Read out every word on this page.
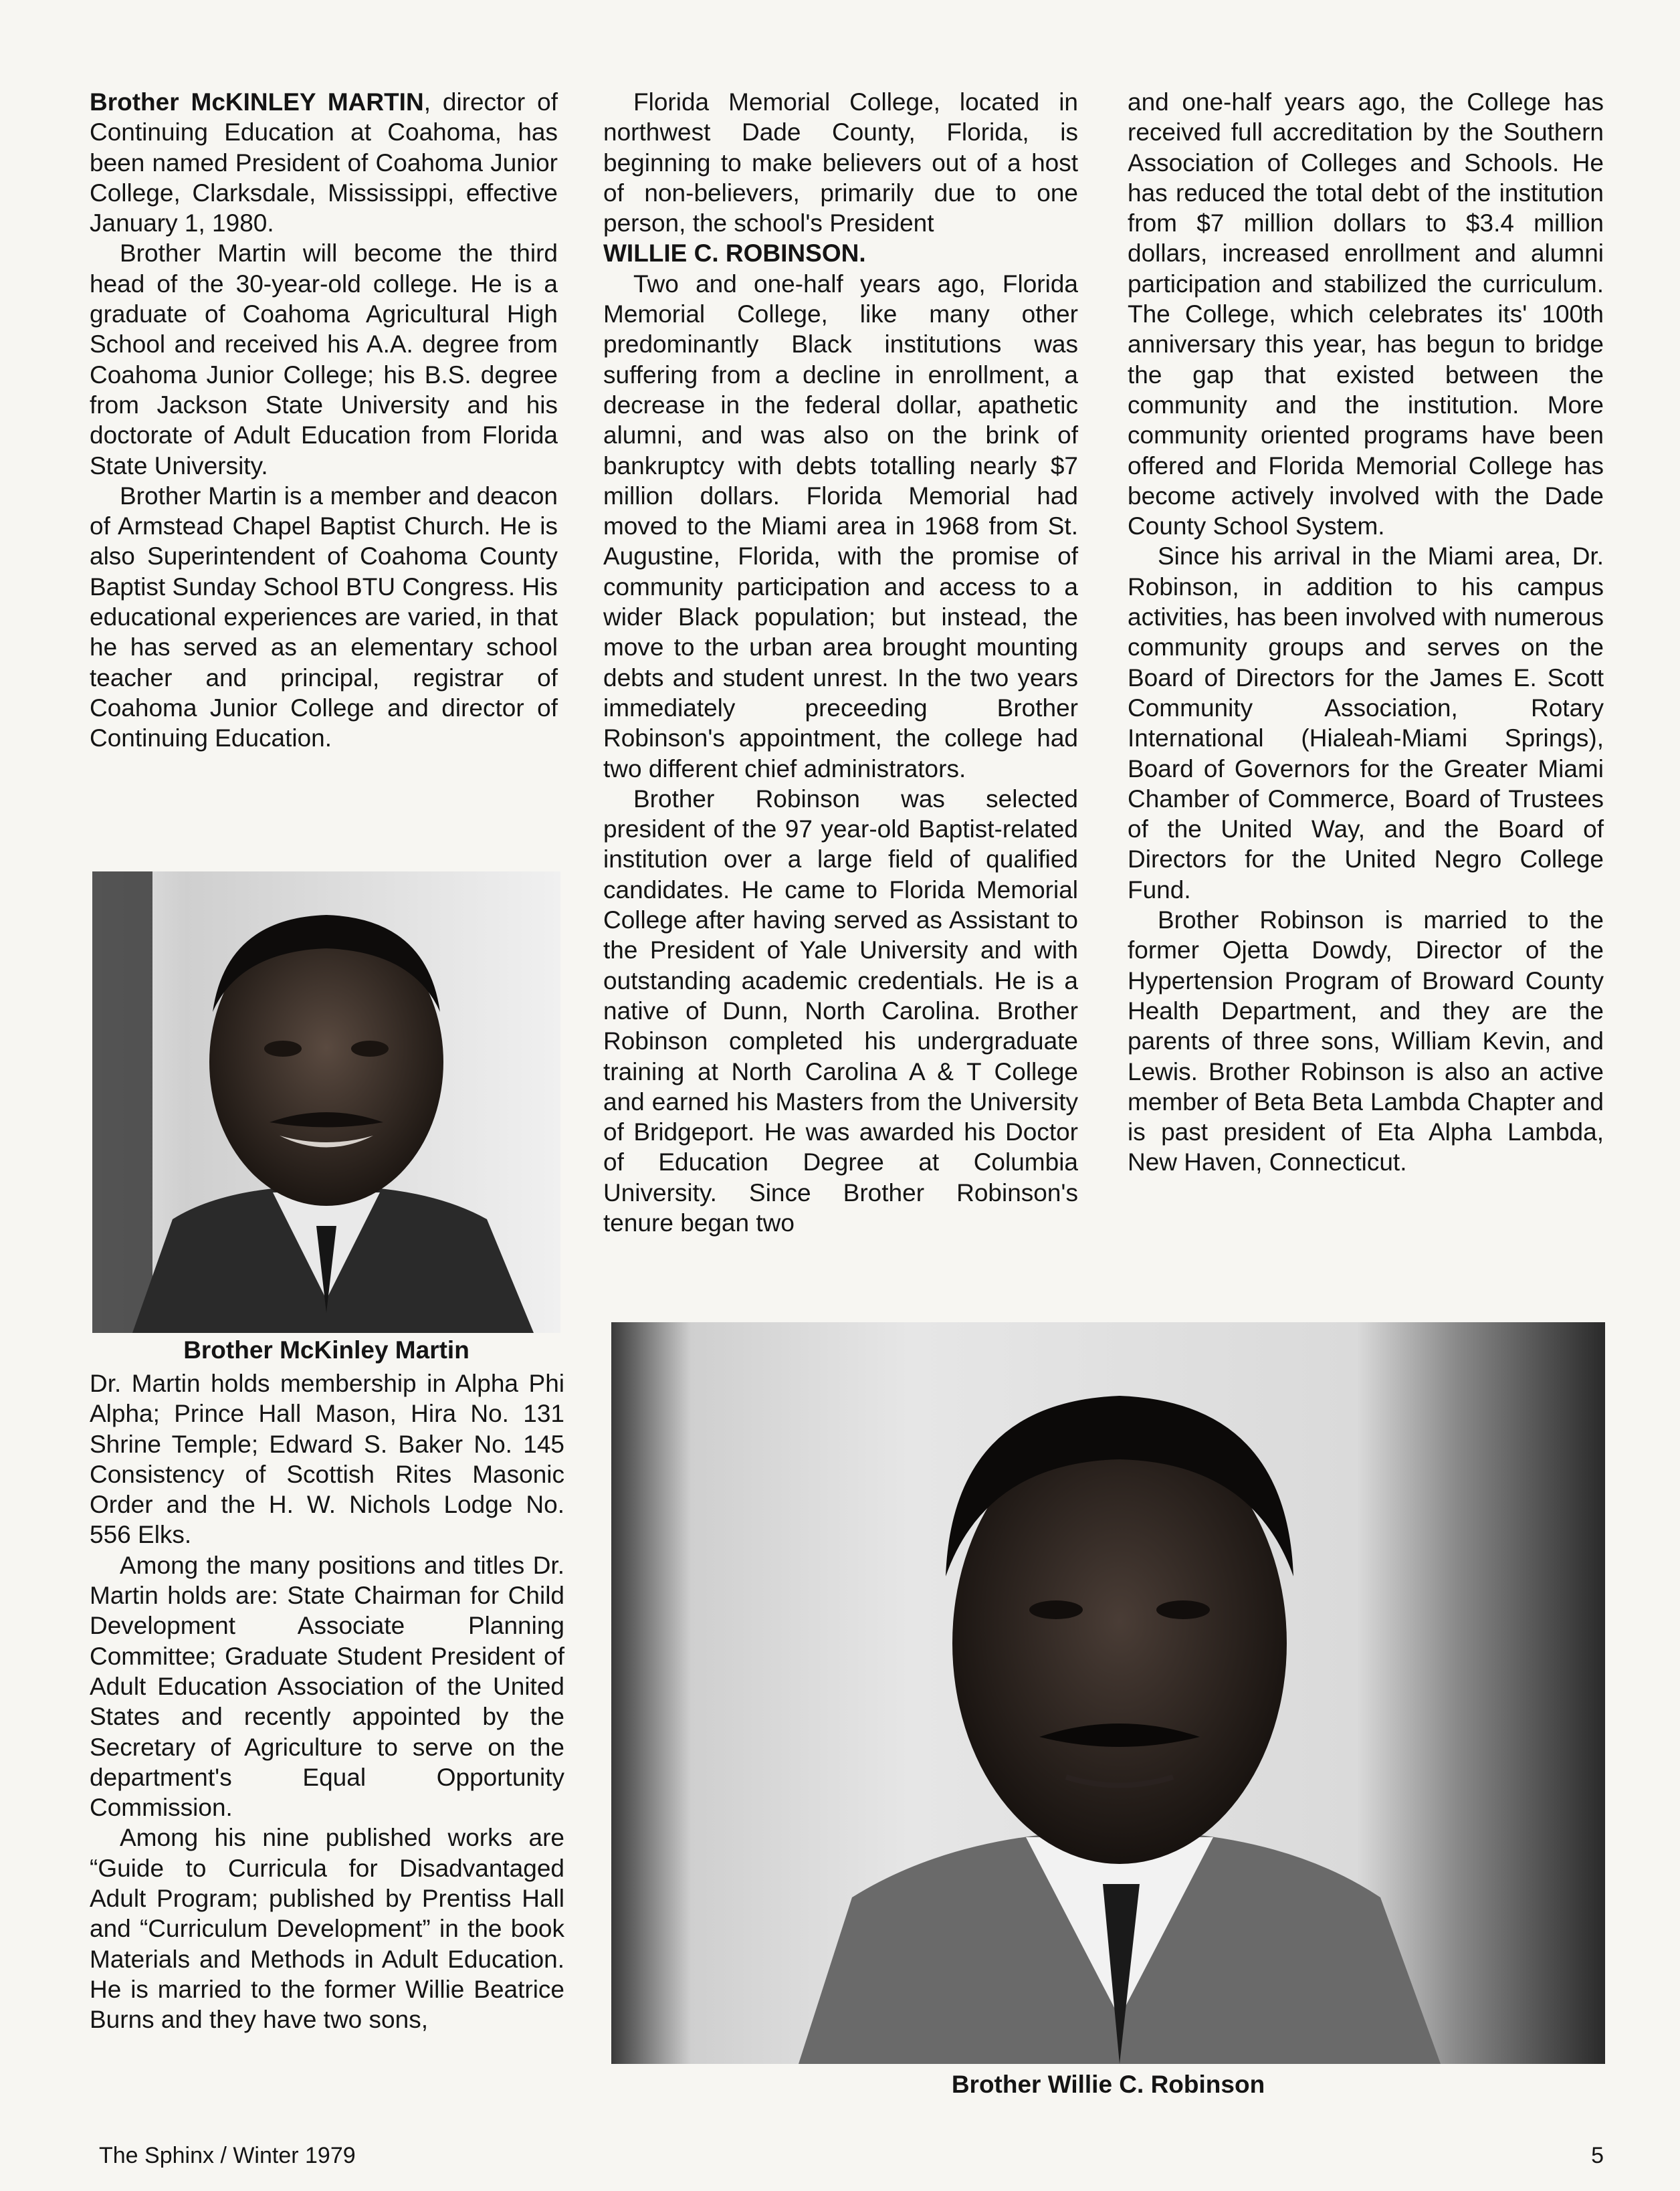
Brother McKINLEY MARTIN, director of Continuing Education at Coahoma, has been named President of Coahoma Junior College, Clarksdale, Mississippi, effective January 1, 1980.

Brother Martin will become the third head of the 30-year-old college. He is a graduate of Coahoma Agricultural High School and received his A.A. degree from Coahoma Junior College; his B.S. degree from Jackson State University and his doctorate of Adult Education from Florida State University.

Brother Martin is a member and deacon of Armstead Chapel Baptist Church. He is also Superintendent of Coahoma County Baptist Sunday School BTU Congress. His educational experiences are varied, in that he has served as an elementary school teacher and principal, registrar of Coahoma Junior College and director of Continuing Education.

Brother McKinley Martin

Dr. Martin holds membership in Alpha Phi Alpha; Prince Hall Mason, Hira No. 131 Shrine Temple; Edward S. Baker No. 145 Consistency of Scottish Rites Masonic Order and the H. W. Nichols Lodge No. 556 Elks.

Among the many positions and titles Dr. Martin holds are: State Chairman for Child Development Associate Planning Committee; Graduate Student President of Adult Education Association of the United States and recently appointed by the Secretary of Agriculture to serve on the department's Equal Opportunity Commission.

Among his nine published works are “Guide to Curricula for Disadvantaged Adult Program; published by Prentiss Hall and “Curriculum Development” in the book Materials and Methods in Adult Education. He is married to the former Willie Beatrice Burns and they have two sons,

Florida Memorial College, located in northwest Dade County, Florida, is beginning to make believers out of a host of non-believers, primarily due to one person, the school's President
WILLIE C. ROBINSON.

Two and one-half years ago, Florida Memorial College, like many other predominantly Black institutions was suffering from a decline in enrollment, a decrease in the federal dollar, apathetic alumni, and was also on the brink of bankruptcy with debts totalling nearly $7 million dollars. Florida Memorial had moved to the Miami area in 1968 from St. Augustine, Florida, with the promise of community participation and access to a wider Black population; but instead, the move to the urban area brought mounting debts and student unrest. In the two years immediately preceeding Brother Robinson's appointment, the college had two different chief administrators.

Brother Robinson was selected president of the 97 year-old Baptist-related institution over a large field of qualified candidates. He came to Florida Memorial College after having served as Assistant to the President of Yale University and with outstanding academic credentials. He is a native of Dunn, North Carolina. Brother Robinson completed his undergraduate training at North Carolina A & T College and earned his Masters from the University of Bridgeport. He was awarded his Doctor of Education Degree at Columbia University. Since Brother Robinson's tenure began two

and one-half years ago, the College has received full accreditation by the Southern Association of Colleges and Schools. He has reduced the total debt of the institution from $7 million dollars to $3.4 million dollars, increased enrollment and alumni participation and stabilized the curriculum. The College, which celebrates its' 100th anniversary this year, has begun to bridge the gap that existed between the community and the institution. More community oriented programs have been offered and Florida Memorial College has become actively involved with the Dade County School System.

Since his arrival in the Miami area, Dr. Robinson, in addition to his campus activities, has been involved with numerous community groups and serves on the Board of Directors for the James E. Scott Community Association, Rotary International (Hialeah-Miami Springs), Board of Governors for the Greater Miami Chamber of Commerce, Board of Trustees of the United Way, and the Board of Directors for the United Negro College Fund.

Brother Robinson is married to the former Ojetta Dowdy, Director of the Hypertension Program of Broward County Health Department, and they are the parents of three sons, William Kevin, and Lewis. Brother Robinson is also an active member of Beta Beta Lambda Chapter and is past president of Eta Alpha Lambda, New Haven, Connecticut.

Brother Willie C. Robinson
The Sphinx / Winter 1979	5
